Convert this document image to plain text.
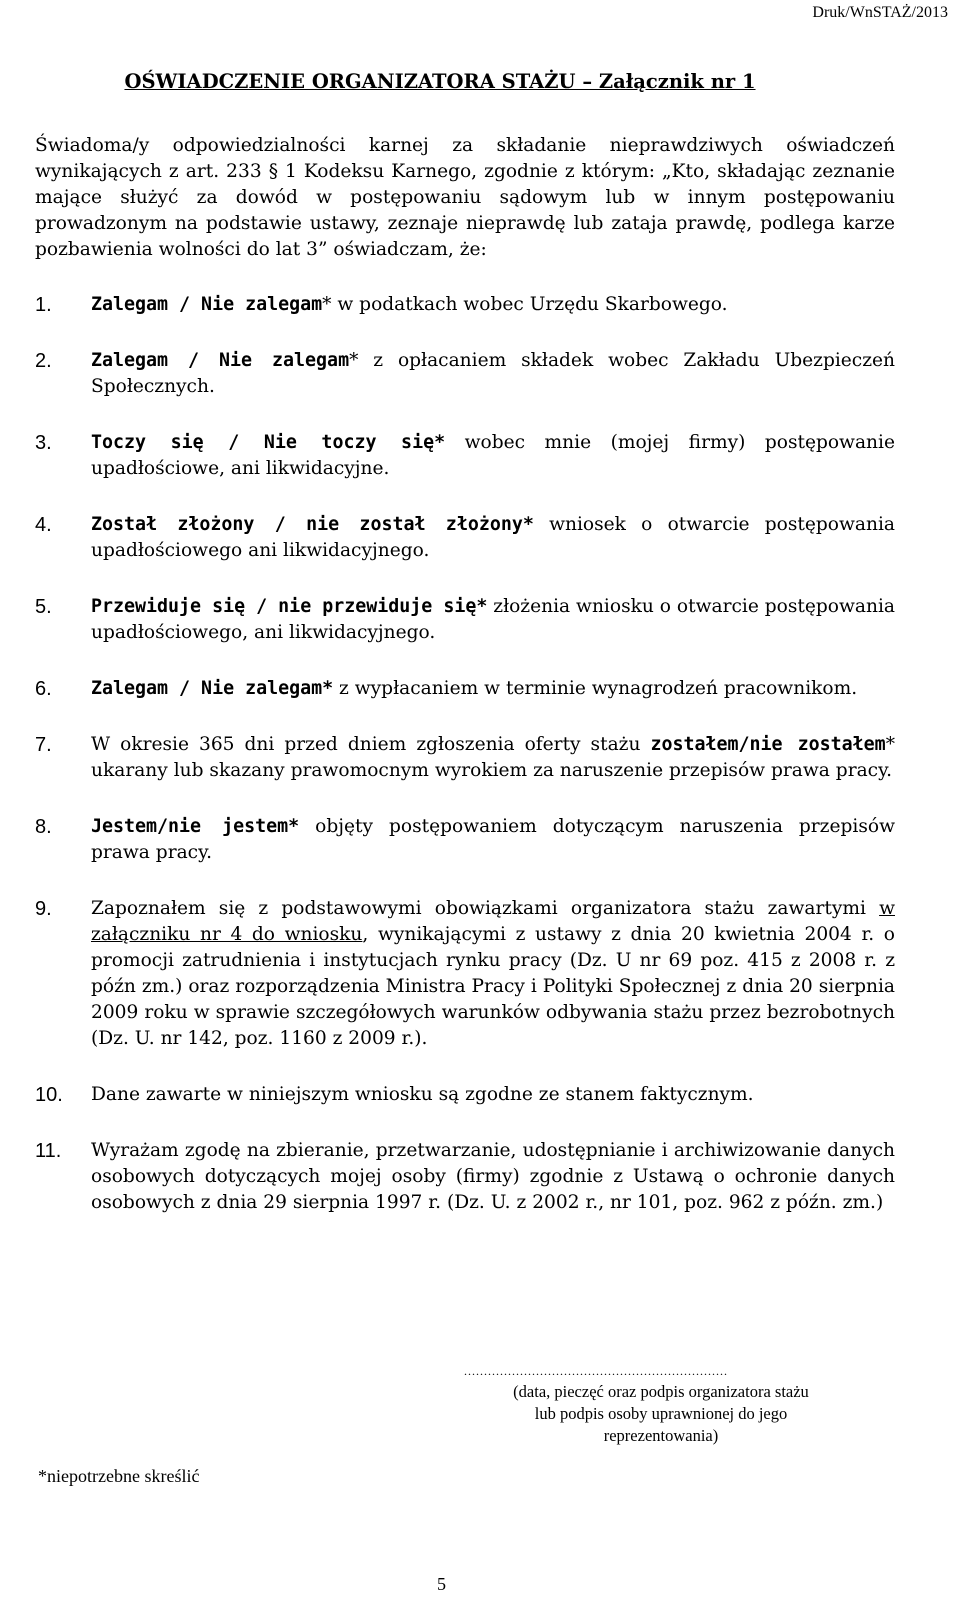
Druk/WnSTAŻ/2013
OŚWIADCZENIE ORGANIZATORA STAŻU – Załącznik nr 1

Świadoma/y odpowiedzialności karnej za składanie nieprawdziwych oświadczeń wynikających z art. 233 § 1 Kodeksu Karnego, zgodnie z którym: „Kto, składając zeznanie mające służyć za dowód w postępowaniu sądowym lub w innym postępowaniu prowadzonym na podstawie ustawy, zeznaje nieprawdę lub zataja prawdę, podlega karze pozbawienia wolności do lat 3” oświadczam, że:

1.	Zalegam / Nie zalegam* w podatkach wobec Urzędu Skarbowego.
2.	Zalegam / Nie zalegam* z opłacaniem składek wobec Zakładu Ubezpieczeń Społecznych.
3.	Toczy się / Nie toczy się* wobec mnie (mojej firmy) postępowanie upadłościowe, ani likwidacyjne.
4.	Został złożony / nie został złożony* wniosek o otwarcie postępowania upadłościowego ani likwidacyjnego.
5.	Przewiduje się / nie przewiduje się* złożenia wniosku o otwarcie postępowania upadłościowego, ani likwidacyjnego.
6.	Zalegam / Nie zalegam* z wypłacaniem w terminie wynagrodzeń pracownikom.
7.	W okresie 365 dni przed dniem zgłoszenia oferty stażu zostałem/nie zostałem* ukarany lub skazany prawomocnym wyrokiem za naruszenie przepisów prawa pracy.
8.	Jestem/nie jestem* objęty postępowaniem dotyczącym naruszenia przepisów prawa pracy.
9.	Zapoznałem się z podstawowymi obowiązkami organizatora stażu zawartymi w załączniku nr 4 do wniosku, wynikającymi z ustawy z dnia 20 kwietnia 2004 r. o promocji zatrudnienia i instytucjach rynku pracy (Dz. U nr 69 poz. 415 z 2008 r. z późn zm.) oraz rozporządzenia Ministra Pracy i Polityki Społecznej z dnia 20 sierpnia 2009 roku w sprawie szczegółowych warunków odbywania stażu przez bezrobotnych (Dz. U. nr 142, poz. 1160 z 2009 r.).
10.	Dane zawarte w niniejszym wniosku są zgodne ze stanem faktycznym.
11.	Wyrażam zgodę na zbieranie, przetwarzanie, udostępnianie i archiwizowanie danych osobowych dotyczących mojej osoby (firmy) zgodnie z Ustawą o ochronie danych osobowych z dnia 29 sierpnia 1997 r. (Dz. U. z 2002 r., nr 101, poz. 962 z późn. zm.)
..................................................................
(data, pieczęć oraz podpis organizatora stażu
lub podpis osoby uprawnionej do jego
reprezentowania)
*niepotrzebne skreślić
5
